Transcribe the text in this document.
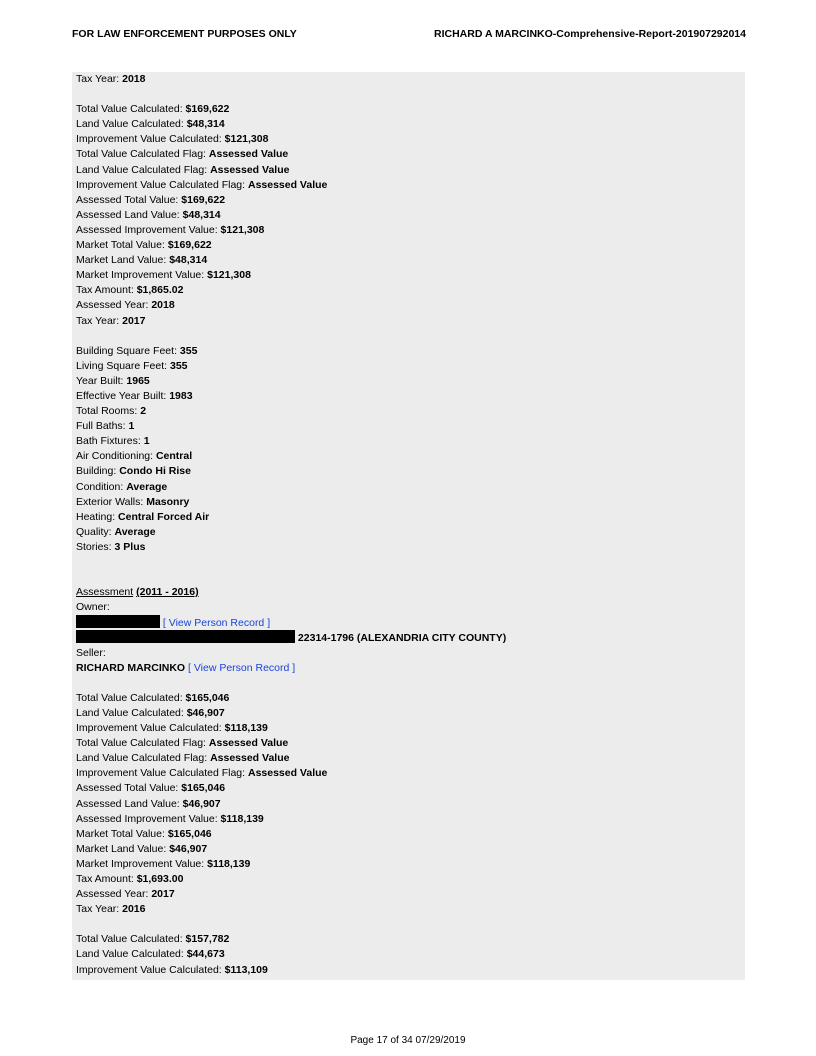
FOR LAW ENFORCEMENT PURPOSES ONLY	RICHARD A MARCINKO-Comprehensive-Report-201907292014
Tax Year: 2018
Total Value Calculated: $169,622
Land Value Calculated: $48,314
Improvement Value Calculated: $121,308
Total Value Calculated Flag: Assessed Value
Land Value Calculated Flag: Assessed Value
Improvement Value Calculated Flag: Assessed Value
Assessed Total Value: $169,622
Assessed Land Value: $48,314
Assessed Improvement Value: $121,308
Market Total Value: $169,622
Market Land Value: $48,314
Market Improvement Value: $121,308
Tax Amount: $1,865.02
Assessed Year: 2018
Tax Year: 2017
Building Square Feet: 355
Living Square Feet: 355
Year Built: 1965
Effective Year Built: 1983
Total Rooms: 2
Full Baths: 1
Bath Fixtures: 1
Air Conditioning: Central
Building: Condo Hi Rise
Condition: Average
Exterior Walls: Masonry
Heating: Central Forced Air
Quality: Average
Stories: 3 Plus
Assessment (2011 - 2016)
Owner:
[ View Person Record ]
22314-1796 (ALEXANDRIA CITY COUNTY)
Seller:
RICHARD MARCINKO [ View Person Record ]
Total Value Calculated: $165,046
Land Value Calculated: $46,907
Improvement Value Calculated: $118,139
Total Value Calculated Flag: Assessed Value
Land Value Calculated Flag: Assessed Value
Improvement Value Calculated Flag: Assessed Value
Assessed Total Value: $165,046
Assessed Land Value: $46,907
Assessed Improvement Value: $118,139
Market Total Value: $165,046
Market Land Value: $46,907
Market Improvement Value: $118,139
Tax Amount: $1,693.00
Assessed Year: 2017
Tax Year: 2016
Total Value Calculated: $157,782
Land Value Calculated: $44,673
Improvement Value Calculated: $113,109
Page 17 of 34 07/29/2019
